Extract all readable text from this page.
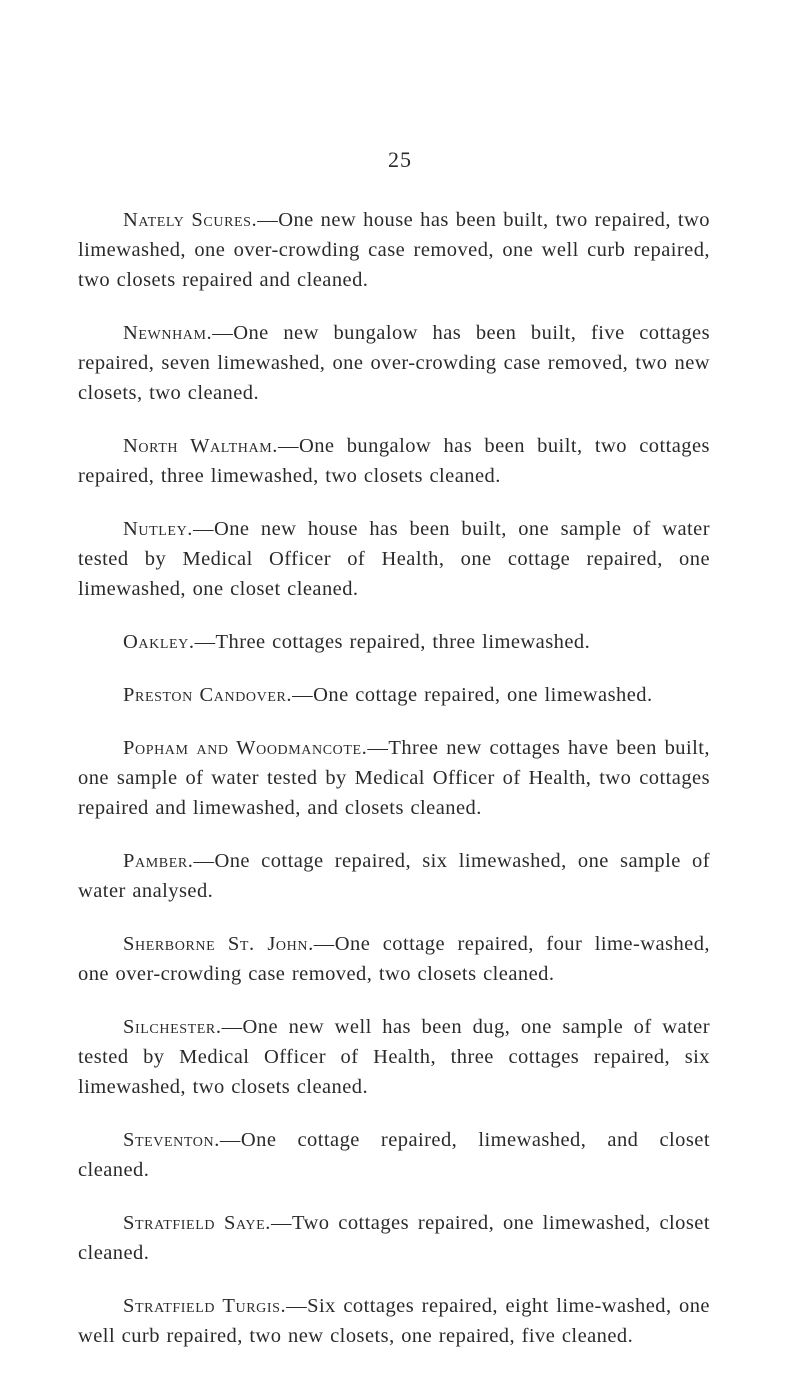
25

Nately Scures.—One new house has been built, two repaired, two limewashed, one over-crowding case removed, one well curb repaired, two closets repaired and cleaned.

Newnham.—One new bungalow has been built, five cottages repaired, seven limewashed, one over-crowding case removed, two new closets, two cleaned.

North Waltham.—One bungalow has been built, two cottages repaired, three limewashed, two closets cleaned.

Nutley.—One new house has been built, one sample of water tested by Medical Officer of Health, one cottage repaired, one limewashed, one closet cleaned.

Oakley.—Three cottages repaired, three limewashed.

Preston Candover.—One cottage repaired, one limewashed.

Popham and Woodmancote.—Three new cottages have been built, one sample of water tested by Medical Officer of Health, two cottages repaired and limewashed, and closets cleaned.

Pamber.—One cottage repaired, six limewashed, one sample of water analysed.

Sherborne St. John.—One cottage repaired, four lime-washed, one over-crowding case removed, two closets cleaned.

Silchester.—One new well has been dug, one sample of water tested by Medical Officer of Health, three cottages repaired, six limewashed, two closets cleaned.

Steventon.—One cottage repaired, limewashed, and closet cleaned.

Stratfield Saye.—Two cottages repaired, one limewashed, closet cleaned.

Stratfield Turgis.—Six cottages repaired, eight lime-washed, one well curb repaired, two new closets, one repaired, five cleaned.
